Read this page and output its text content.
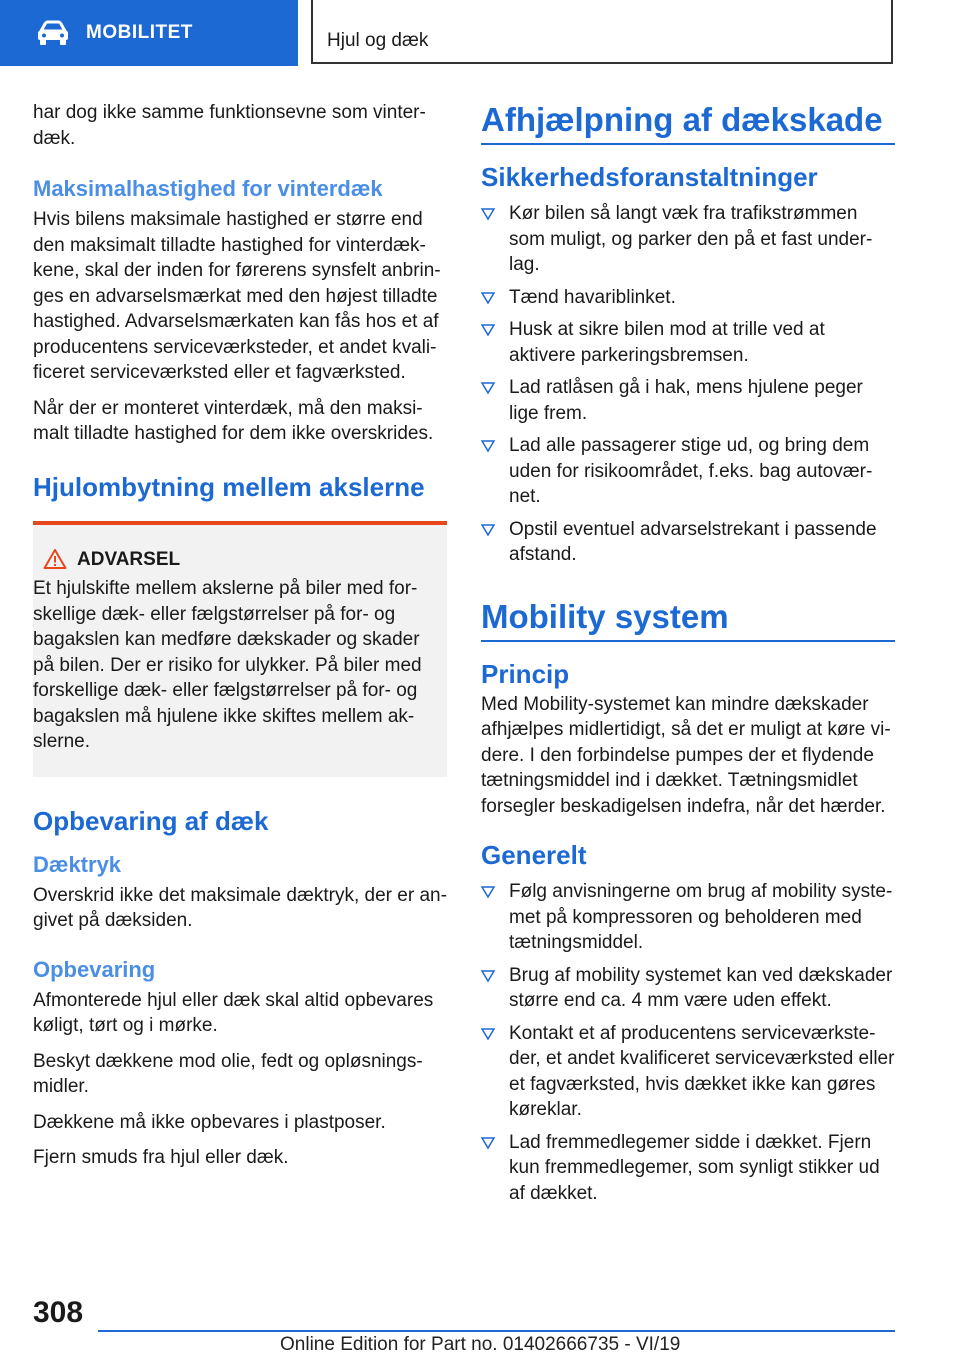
MOBILITET	Hjul og dæk

har dog ikke samme funktionsevne som vinter-dæk.

Maksimalhastighed for vinterdæk

Hvis bilens maksimale hastighed er større end den maksimalt tilladte hastighed for vinterdæk-kene, skal der inden for førerens synsfelt anbrin-ges en advarselsmærkat med den højest tilladte hastighed. Advarselsmærkaten kan fås hos et af producentens serviceværksteder, et andet kvali-ficeret serviceværksted eller et fagværksted.

Når der er monteret vinterdæk, må den maksi-malt tilladte hastighed for dem ikke overskrides.

Hjulombytning mellem akslerne
ADVARSEL
Et hjulskifte mellem akslerne på biler med for-skellige dæk- eller fælgstørrelser på for- og bagakslen kan medføre dækskader og skader på bilen. Der er risiko for ulykker. På biler med forskellige dæk- eller fælgstørrelser på for- og bagakslen må hjulene ikke skiftes mellem ak-slerne.
Opbevaring af dæk
Dæktryk

Overskrid ikke det maksimale dæktryk, der er an-givet på dæksiden.

Opbevaring

Afmonterede hjul eller dæk skal altid opbevares køligt, tørt og i mørke.

Beskyt dækkene mod olie, fedt og opløsnings-midler.

Dækkene må ikke opbevares i plastposer.

Fjern smuds fra hjul eller dæk.

Afhjælpning af dækskade
Sikkerhedsforanstaltninger
Kør bilen så langt væk fra trafikstrømmen som muligt, og parker den på et fast under-lag.
Tænd havariblinket.
Husk at sikre bilen mod at trille ved at aktivere parkeringsbremsen.
Lad ratlåsen gå i hak, mens hjulene peger lige frem.
Lad alle passagerer stige ud, og bring dem uden for risikoområdet, f.eks. bag autovær-net.
Opstil eventuel advarselstrekant i passende afstand.
Mobility system
Princip

Med Mobility-systemet kan mindre dækskader afhjælpes midlertidigt, så det er muligt at køre vi-dere. I den forbindelse pumpes der et flydende tætningsmiddel ind i dækket. Tætningsmidlet forsegler beskadigelsen indefra, når det hærder.

Generelt
Følg anvisningerne om brug af mobility syste-met på kompressoren og beholderen med tætningsmiddel.
Brug af mobility systemet kan ved dækskader større end ca. 4 mm være uden effekt.
Kontakt et af producentens serviceværkste-der, et andet kvalificeret serviceværksted eller et fagværksted, hvis dækket ikke kan gøres køreklar.
Lad fremmedlegemer sidde i dækket. Fjern kun fremmedlegemer, som synligt stikker ud af dækket.
308
Online Edition for Part no. 01402666735 - VI/19
